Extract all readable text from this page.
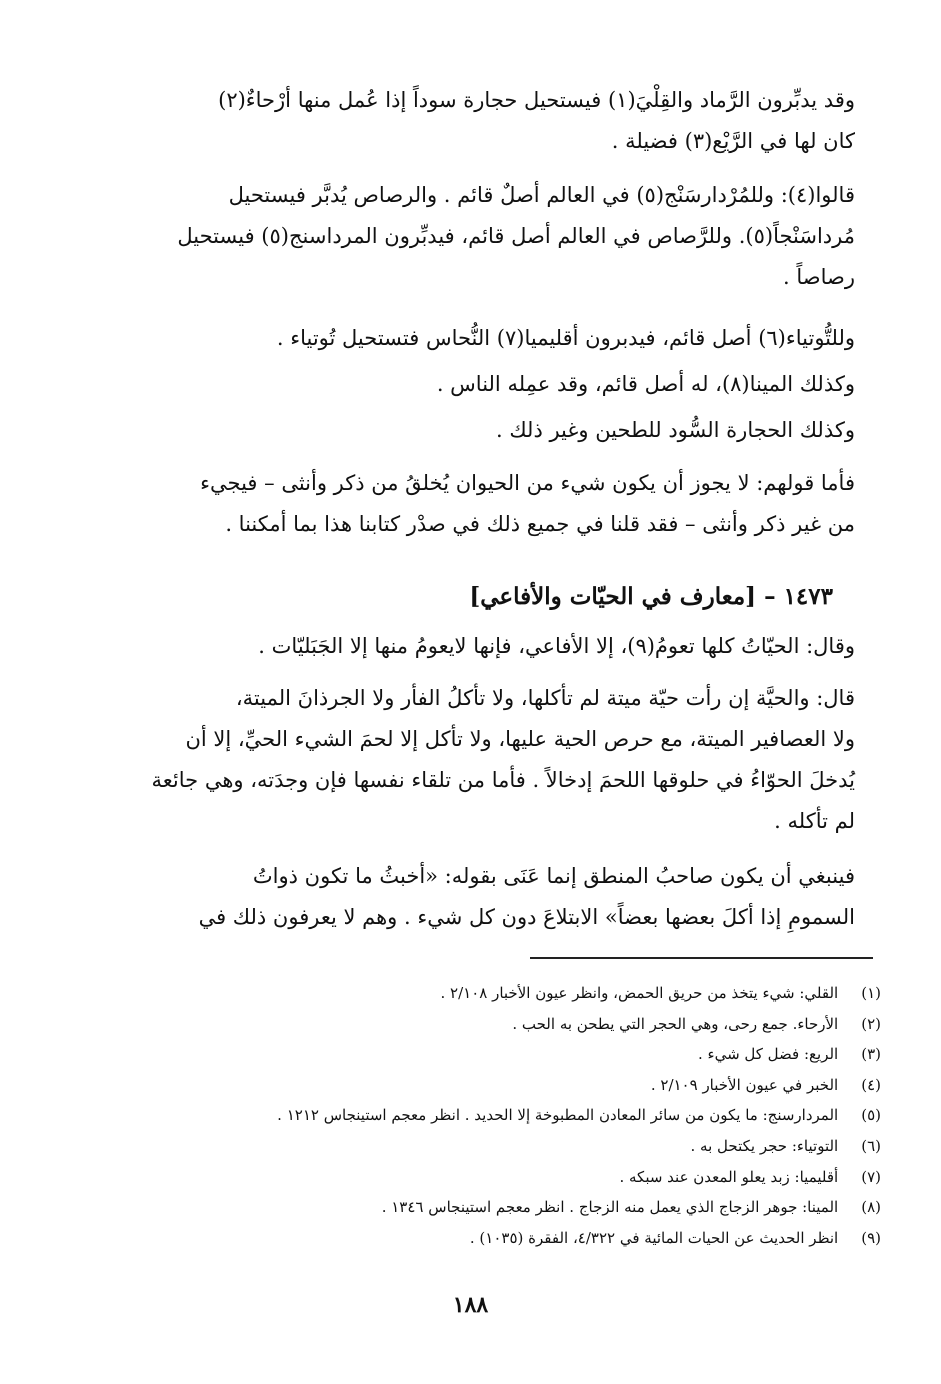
وقد يدبِّرون الرَّماد والقِلْيَ(١) فيستحيل حجارة سوداً إذا عُمل منها أرْحاءٌ(٢)
كان لها في الرَّيْع(٣) فضيلة .

قالوا(٤): وللمُرْدارسَنْج(٥) في العالم أصلٌ قائم . والرصاص يُدبَّر فيستحيل
مُرداسَنْجاً(٥). وللرَّصاص في العالم أصل قائم، فيدبِّرون المرداسنج(٥) فيستحيل
رصاصاً .

وللتُّوتياء(٦) أصل قائم، فيدبرون أقليميا(٧) النُّحاس فتستحيل تُوتياء .

وكذلك المينا(٨)، له أصل قائم، وقد عمِله الناس .

وكذلك الحجارة السُّود للطحين وغير ذلك .

فأما قولهم: لا يجوز أن يكون شيء من الحيوان يُخلقُ من ذكر وأنثى – فيجيء
من غير ذكر وأنثى – فقد قلنا في جميع ذلك في صدْر كتابنا هذا بما أمكننا .

١٤٧٣ – [معارف في الحيّات والأفاعي]

وقال: الحيّاتُ كلها تعومُ(٩)، إلا الأفاعي، فإنها لايعومُ منها إلا الجَبَليّات .

قال: والحيَّة إن رأت حيّة ميتة لم تأكلها، ولا تأكلُ الفأر ولا الجرذانَ الميتة،
ولا العصافير الميتة، مع حرص الحية عليها، ولا تأكل إلا لحمَ الشيء الحيِّ، إلا أن
يُدخلَ الحوّاءُ في حلوقها اللحمَ إدخالاً . فأما من تلقاء نفسها فإن وجدَته، وهي جائعة
لم تأكله .

فينبغي أن يكون صاحبُ المنطق إنما عَنَى بقوله: «أخبثُ ما تكون ذواتُ
السمومِ إذا أكلَ بعضها بعضاً» الابتلاعَ دون كل شيء . وهم لا يعرفون ذلك في

(١) القلي: شيء يتخذ من حريق الحمض، وانظر عيون الأخبار ٢/١٠٨ .
(٢) الأرحاء. جمع رحى، وهي الحجر التي يطحن به الحب .
(٣) الريع: فضل كل شيء .
(٤) الخبر في عيون الأخبار ٢/١٠٩ .
(٥) المردارسنج: ما يكون من سائر المعادن المطبوخة إلا الحديد . انظر معجم استينجاس ١٢١٢ .
(٦) التوتياء: حجر يكتحل به .
(٧) أقليميا: زبد يعلو المعدن عند سبكه .
(٨) المينا: جوهر الزجاج الذي يعمل منه الزجاج . انظر معجم استينجاس ١٣٤٦ .
(٩) انظر الحديث عن الحيات المائية في ٤/٣٢٢، الفقرة (١٠٣٥) .
١٨٨
